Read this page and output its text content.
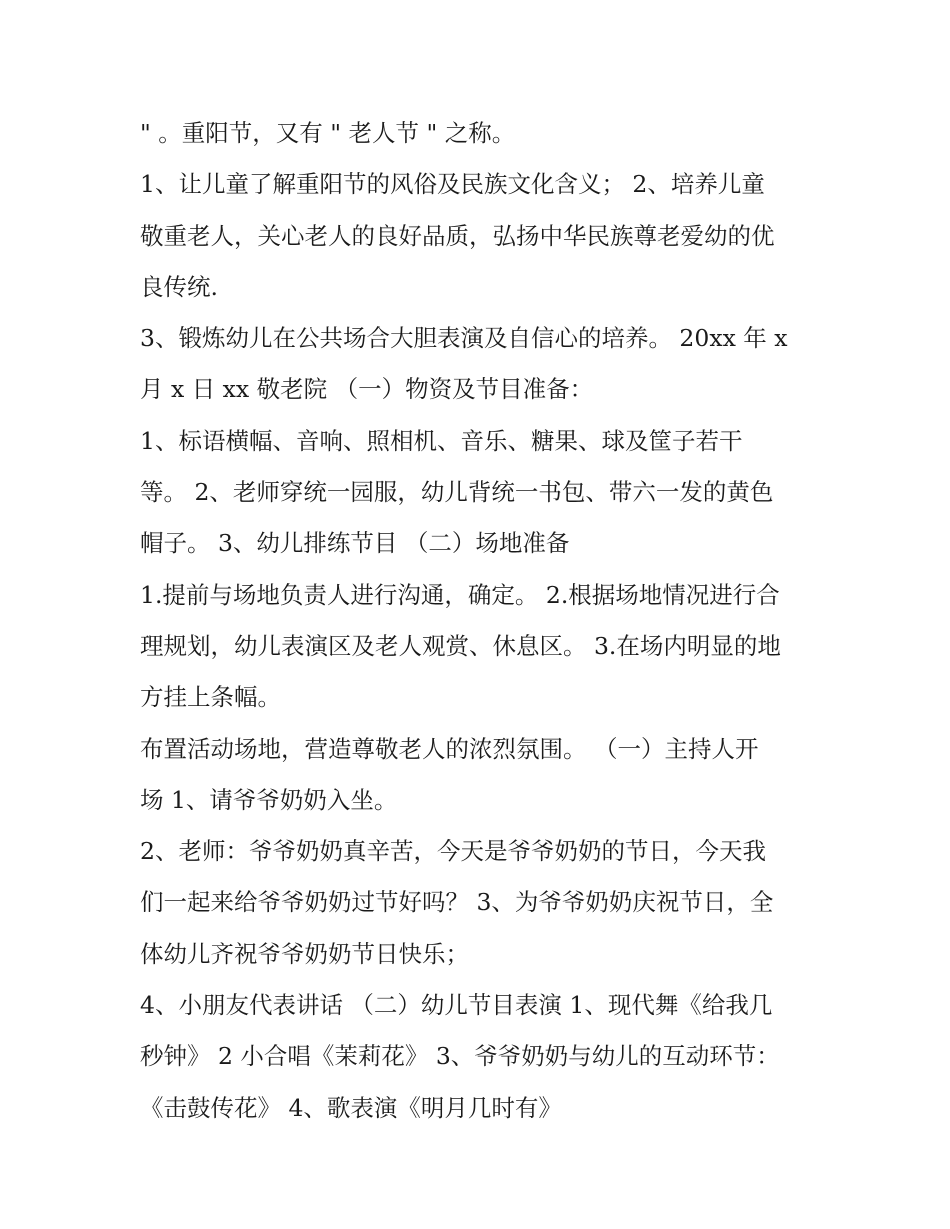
" 。重阳节，又有 " 老人节 " 之称。
1、让儿童了解重阳节的风俗及民族文化含义； 2、培养儿童
敬重老人，关心老人的良好品质，弘扬中华民族尊老爱幼的优
良传统.
3、锻炼幼儿在公共场合大胆表演及自信心的培养。 20xx 年 x
月 x 日 xx 敬老院 （一）物资及节目准备：
1、标语横幅、音响、照相机、音乐、糖果、球及筐子若干
等。 2、老师穿统一园服，幼儿背统一书包、带六一发的黄色
帽子。 3、幼儿排练节目 （二）场地准备
1.提前与场地负责人进行沟通，确定。 2.根据场地情况进行合
理规划，幼儿表演区及老人观赏、休息区。 3.在场内明显的地
方挂上条幅。
布置活动场地，营造尊敬老人的浓烈氛围。 （一）主持人开
场 1、请爷爷奶奶入坐。
2、老师：爷爷奶奶真辛苦，今天是爷爷奶奶的节日，今天我
们一起来给爷爷奶奶过节好吗？ 3、为爷爷奶奶庆祝节日，全
体幼儿齐祝爷爷奶奶节日快乐；
4、小朋友代表讲话 （二）幼儿节目表演 1、现代舞《给我几
秒钟》 2 小合唱《茉莉花》 3、爷爷奶奶与幼儿的互动环节：
《击鼓传花》 4、歌表演《明月几时有》
